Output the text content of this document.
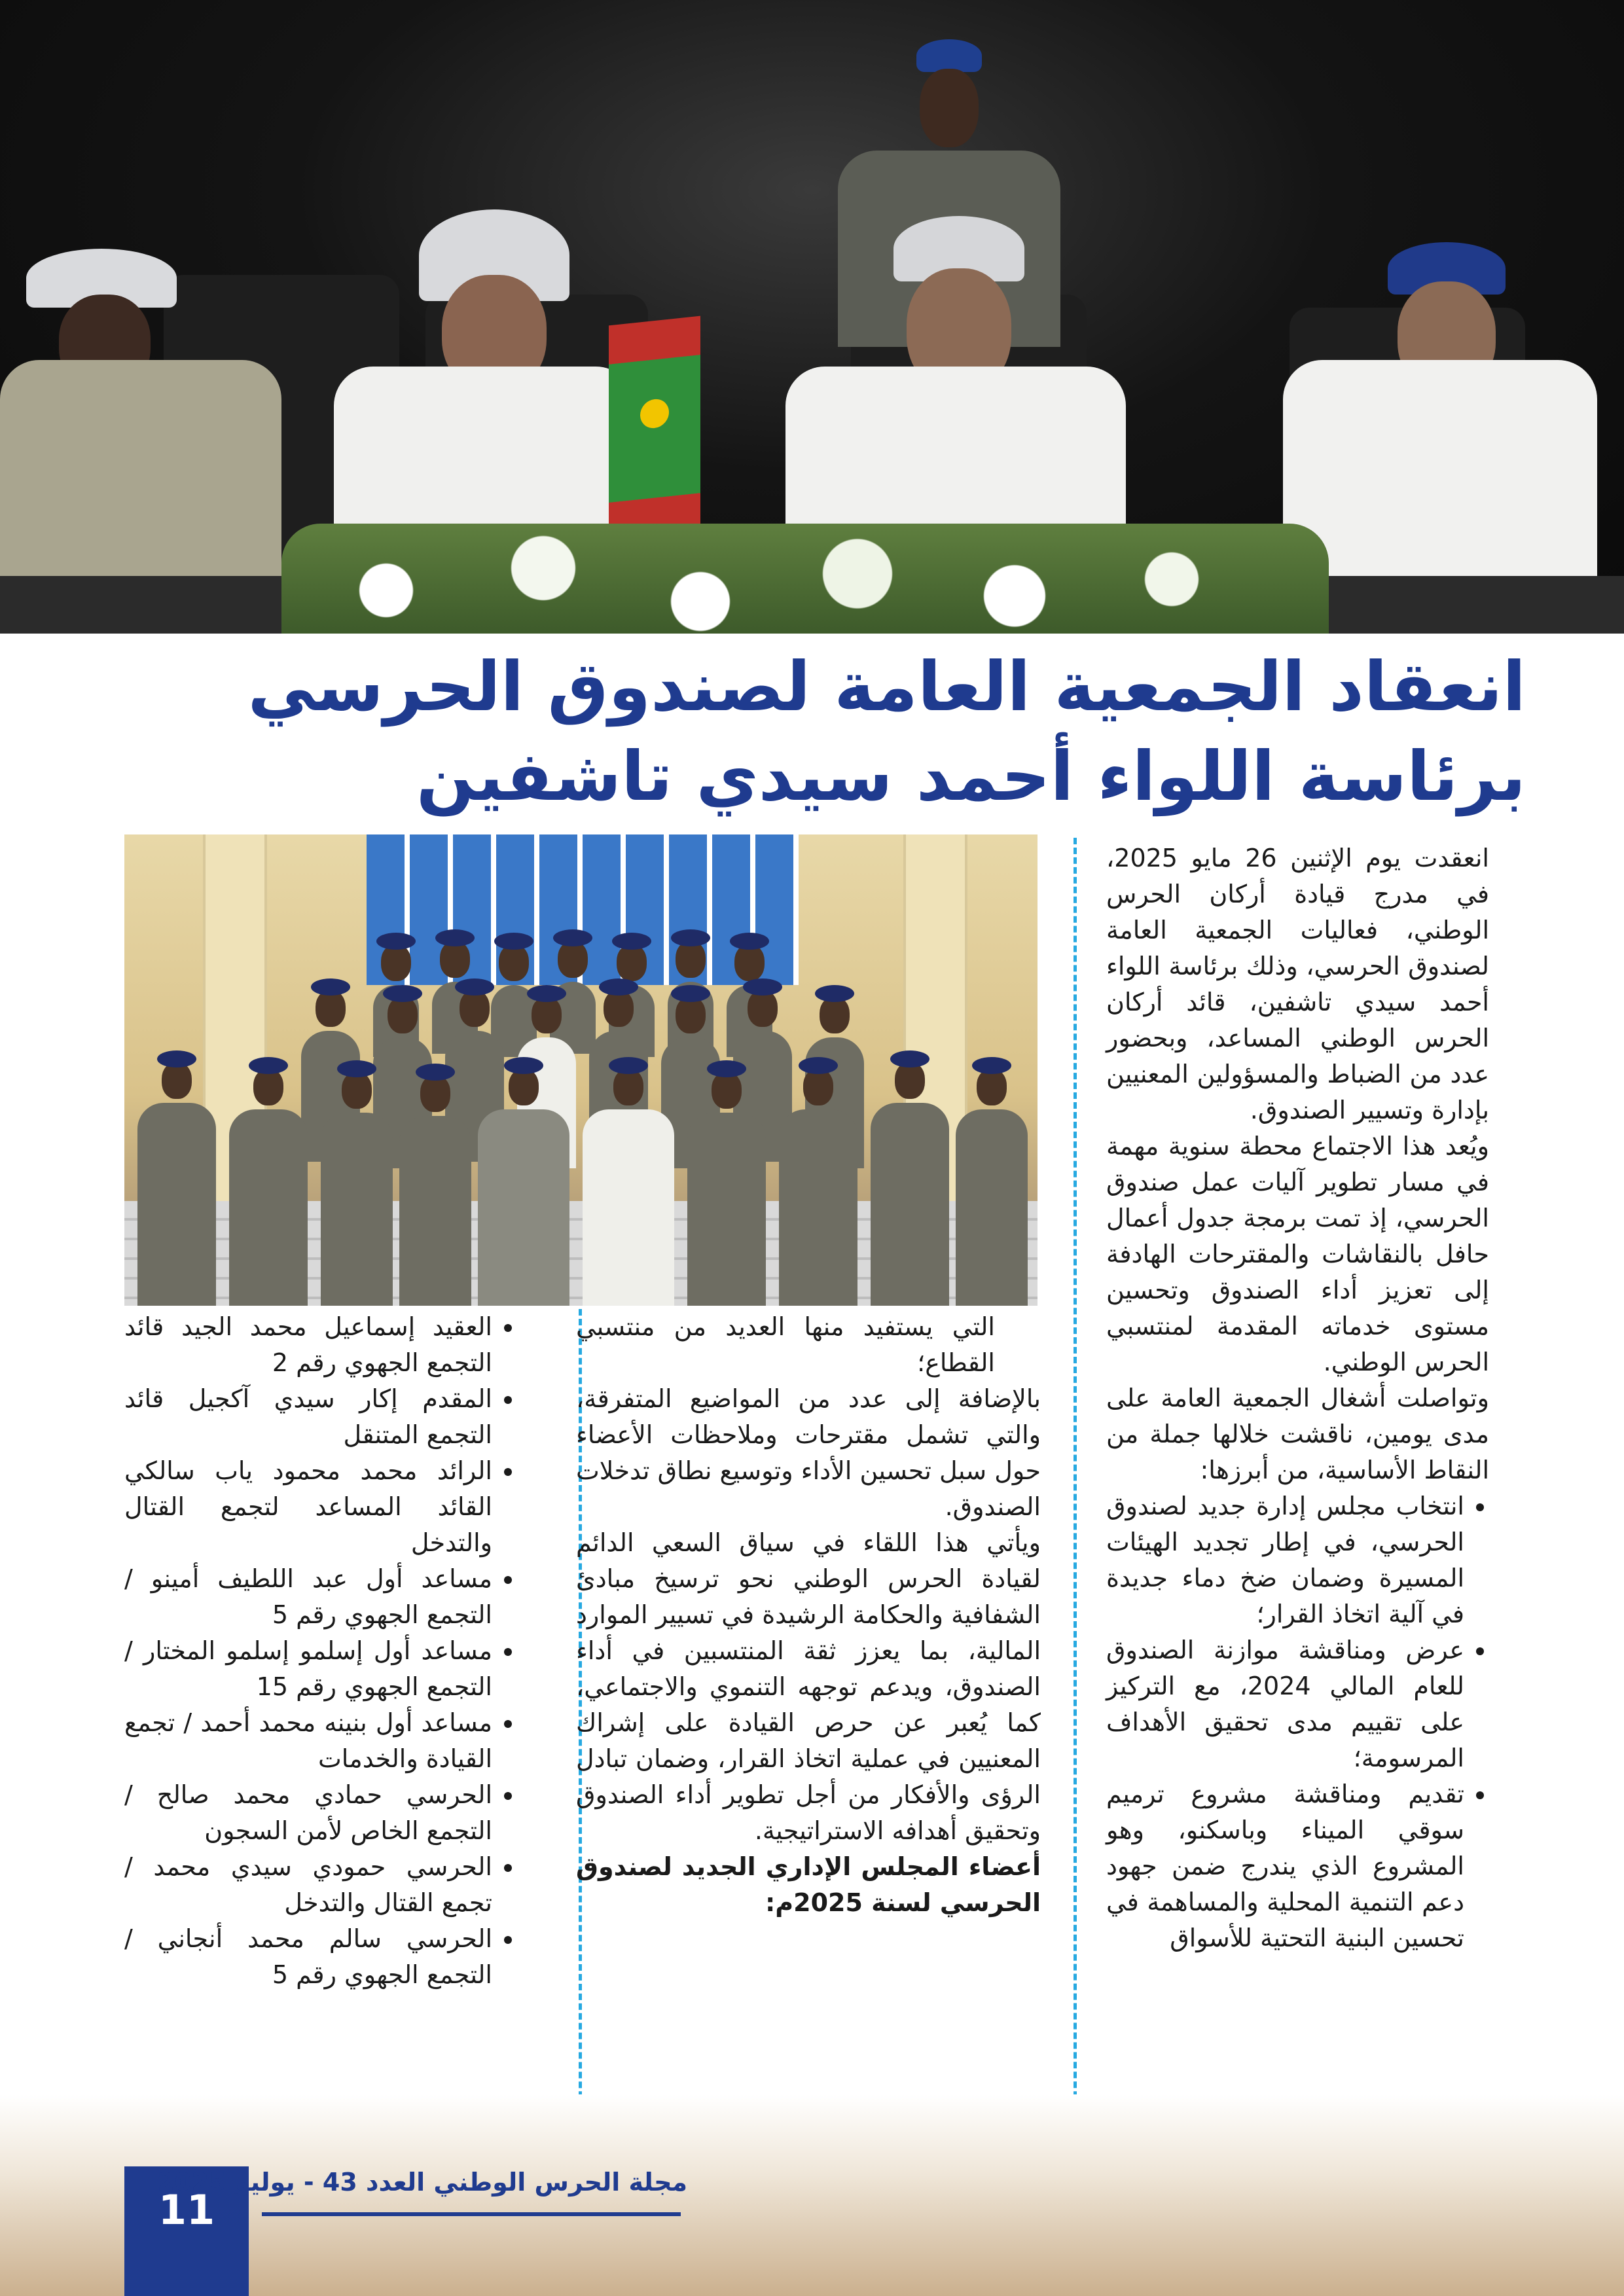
انعقاد الجمعية العامة لصندوق الحرسي
برئاسة اللواء أحمد سيدي تاشفين

انعقدت يوم الإثنين 26 مايو 2025، في مدرج قيادة أركان الحرس الوطني، فعاليات الجمعية العامة لصندوق الحرسي، وذلك برئاسة اللواء أحمد سيدي تاشفين، قائد أركان الحرس الوطني المساعد، وبحضور عدد من الضباط والمسؤولين المعنيين بإدارة وتسيير الصندوق.

ويُعد هذا الاجتماع محطة سنوية مهمة في مسار تطوير آليات عمل صندوق الحرسي، إذ تمت برمجة جدول أعمال حافل بالنقاشات والمقترحات الهادفة إلى تعزيز أداء الصندوق وتحسين مستوى خدماته المقدمة لمنتسبي الحرس الوطني.

وتواصلت أشغال الجمعية العامة على مدى يومين، ناقشت خلالها جملة من النقاط الأساسية، من أبرزها:

• انتخاب مجلس إدارة جديد لصندوق الحرسي، في إطار تجديد الهيئات المسيرة وضمان ضخ دماء جديدة في آلية اتخاذ القرار؛
• عرض ومناقشة موازنة الصندوق للعام المالي 2024، مع التركيز على تقييم مدى تحقيق الأهداف المرسومة؛
• تقديم ومناقشة مشروع ترميم سوقي الميناء وباسكنو، وهو المشروع الذي يندرج ضمن جهود دعم التنمية المحلية والمساهمة في تحسين البنية التحتية للأسواق

التي يستفيد منها العديد من منتسبي القطاع؛

بالإضافة إلى عدد من المواضيع المتفرقة، والتي تشمل مقترحات وملاحظات الأعضاء حول سبل تحسين الأداء وتوسيع نطاق تدخلات الصندوق.

ويأتي هذا اللقاء في سياق السعي الدائم لقيادة الحرس الوطني نحو ترسيخ مبادئ الشفافية والحكامة الرشيدة في تسيير الموارد المالية، بما يعزز ثقة المنتسبين في أداء الصندوق، ويدعم توجهه التنموي والاجتماعي، كما يُعبر عن حرص القيادة على إشراك المعنيين في عملية اتخاذ القرار، وضمان تبادل الرؤى والأفكار من أجل تطوير أداء الصندوق وتحقيق أهدافه الاستراتيجية.

أعضاء المجلس الإداري الجديد لصندوق الحرسي لسنة 2025م:

• العقيد إسماعيل محمد الجيد قائد التجمع الجهوي رقم 2
• المقدم إكار سيدي آكجيل قائد التجمع المتنقل
• الرائد محمد محمود ياب سالكي القائد المساعد لتجمع القتال والتدخل
• مساعد أول عبد اللطيف أمينو / التجمع الجهوي رقم 5
• مساعد أول إسلمو إسلمو المختار / التجمع الجهوي رقم 15
• مساعد أول بنينه محمد أحمد / تجمع القيادة والخدمات
• الحرسي حمادي محمد صالح / التجمع الخاص لأمن السجون
• الحرسي حمودي سيدي محمد / تجمع القتال والتدخل
• الحرسي سالم محمد أنجاني / التجمع الجهوي رقم 5
11
مجلة الحرس الوطني العدد 43 - يوليو 2025
